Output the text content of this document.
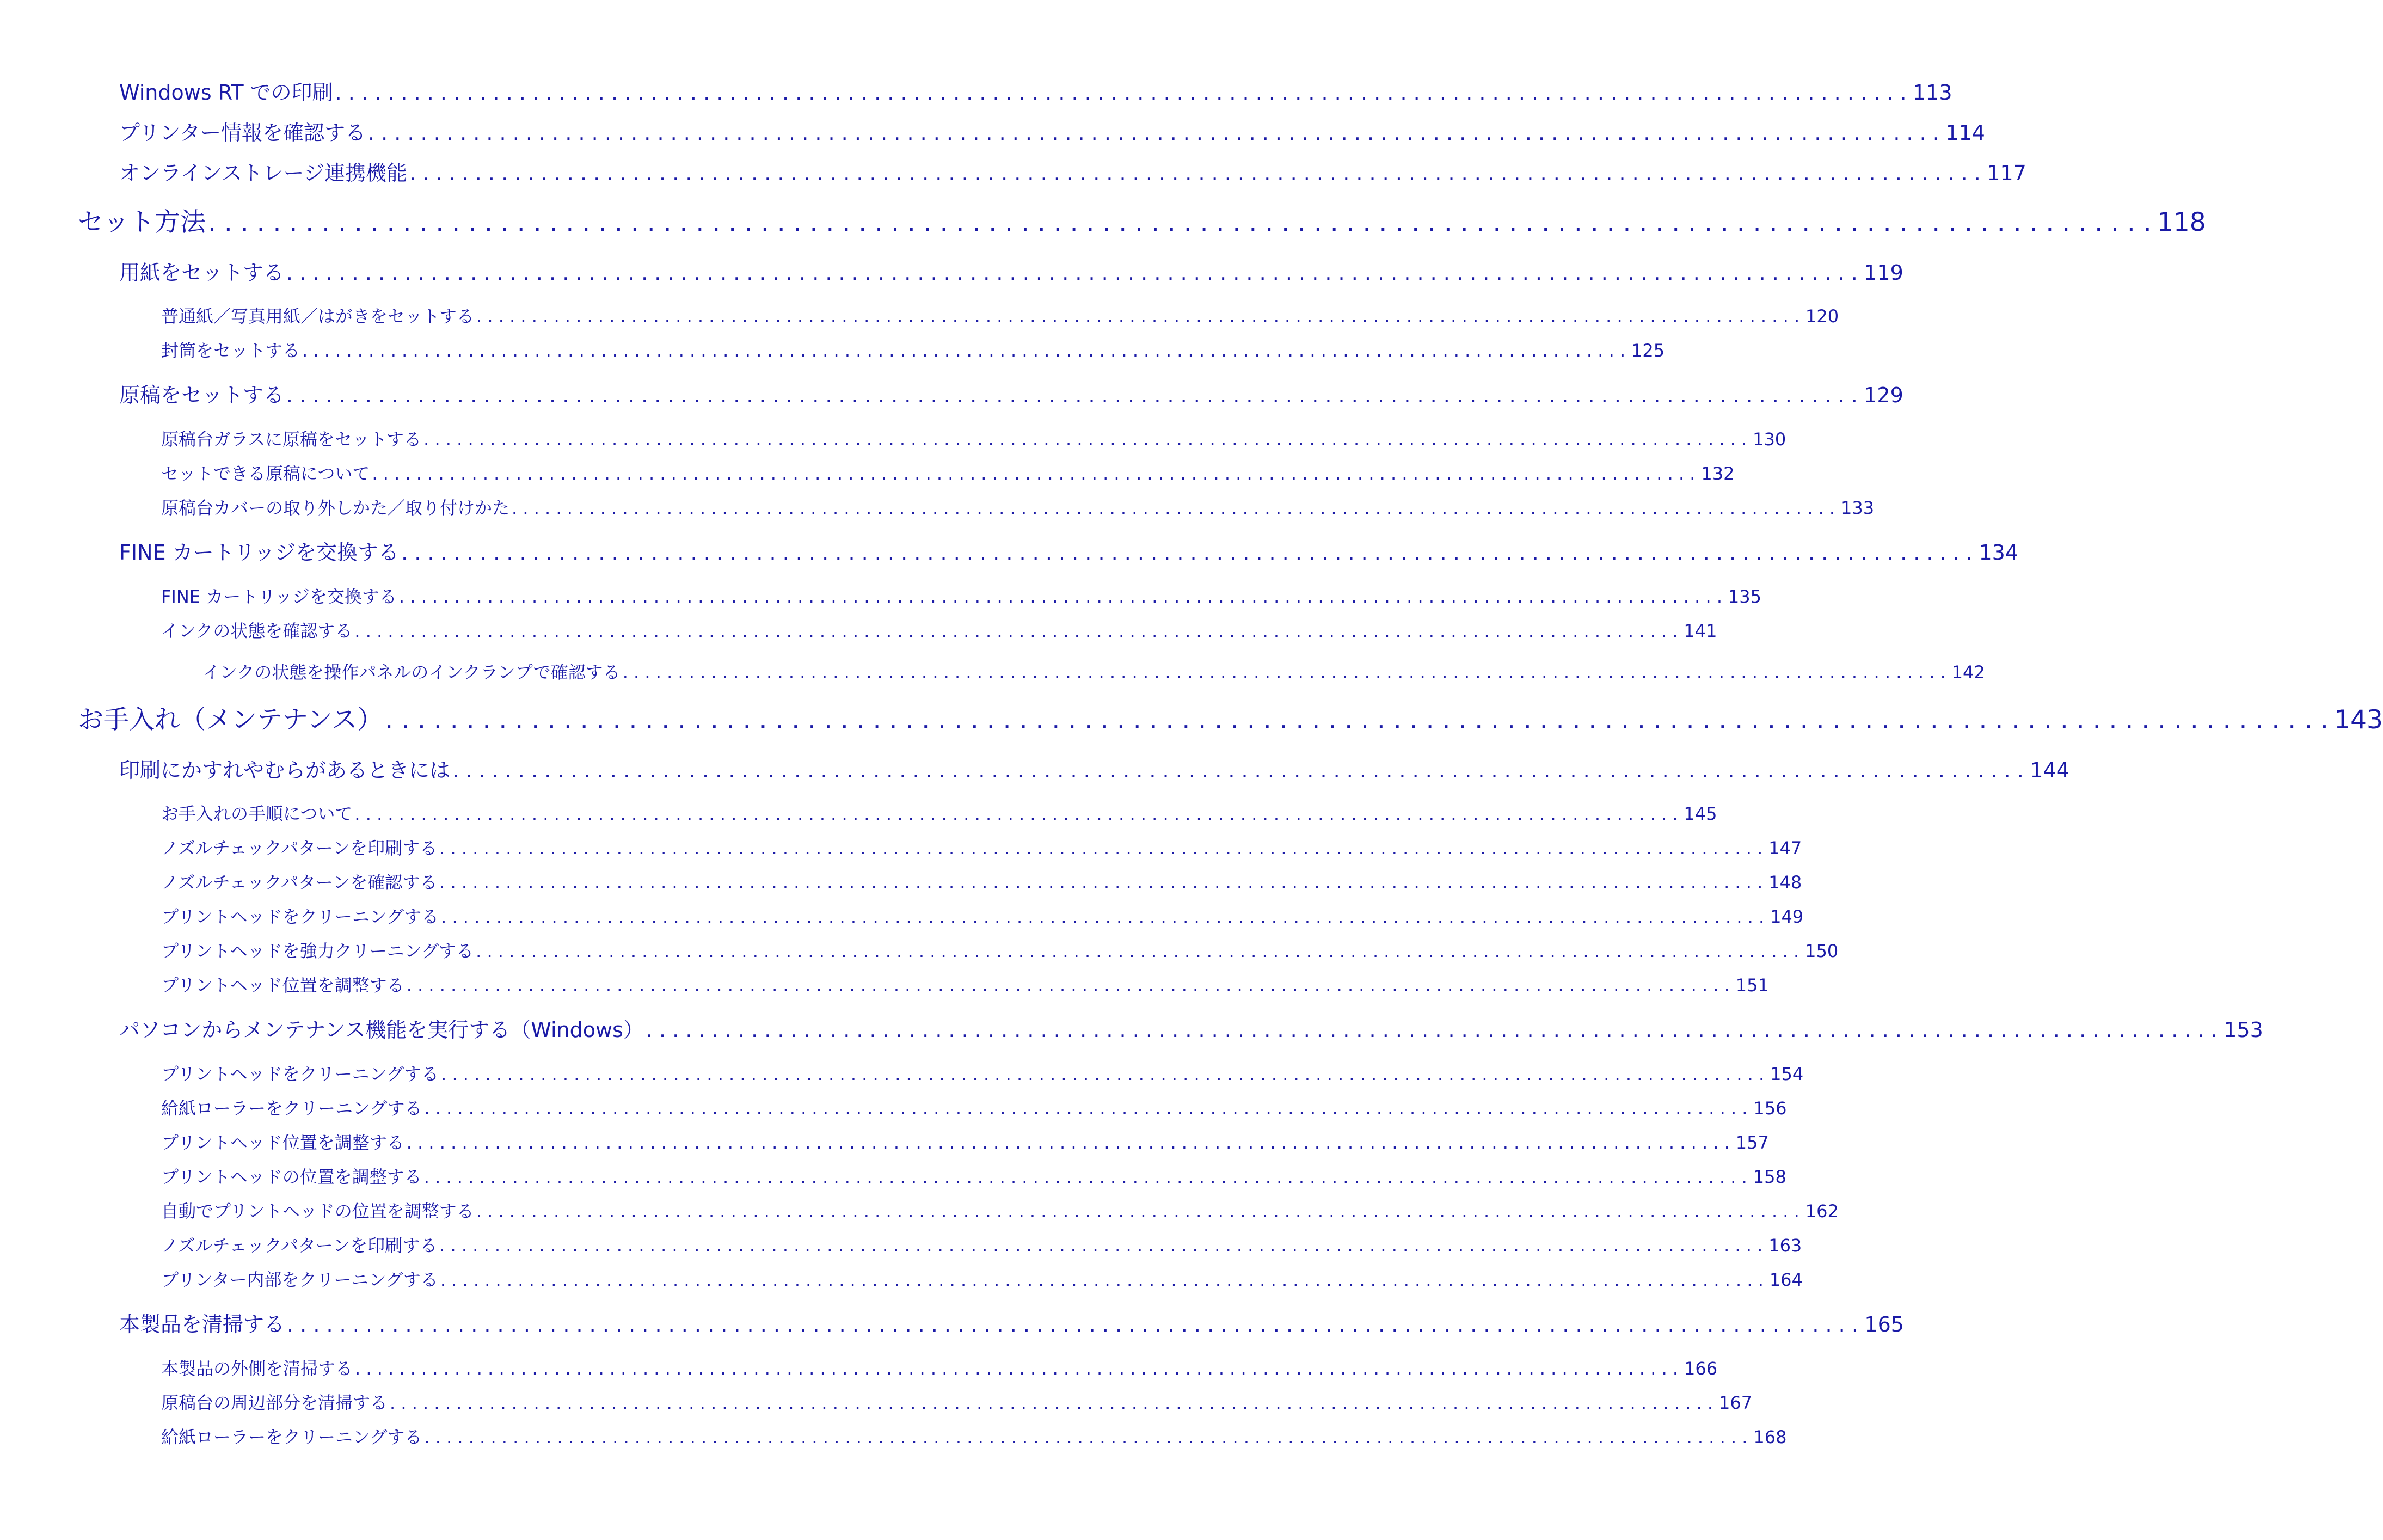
Windows RT での印刷 . . . . . . . . . . . . . . . . . . . . . . . . . . . . . . . . . . . . . . . . . . . . . . . . . . . . . . . . . . . . . . . . . . . . . . . . . . . . . . . . . . . . . . . . . . . . . . . . . . . . . . . . . . . . . . . . . . . . . . . . 113
プリンター情報を確認する . . . . . . . . . . . . . . . . . . . . . . . . . . . . . . . . . . . . . . . . . . . . . . . . . . . . . . . . . . . . . . . . . . . . . . . . . . . . . . . . . . . . . . . . . . . . . . . . . . . . . . . . . . . . . . . . . . . . . . . . 114
オンラインストレージ連携機能 . . . . . . . . . . . . . . . . . . . . . . . . . . . . . . . . . . . . . . . . . . . . . . . . . . . . . . . . . . . . . . . . . . . . . . . . . . . . . . . . . . . . . . . . . . . . . . . . . . . . . . . . . . . . . . . . . . . . . . . . 117
セット方法 . . . . . . . . . . . . . . . . . . . . . . . . . . . . . . . . . . . . . . . . . . . . . . . . . . . . . . . . . . . . . . . . . . . . . . . . . . . . . . . . . . . . . . . . . . . . . . . . . . . . . . . . . . . . . . . . . . . . . . . . 118
用紙をセットする . . . . . . . . . . . . . . . . . . . . . . . . . . . . . . . . . . . . . . . . . . . . . . . . . . . . . . . . . . . . . . . . . . . . . . . . . . . . . . . . . . . . . . . . . . . . . . . . . . . . . . . . . . . . . . . . . . . . . . . . 119
普通紙／写真用紙／はがきをセットする . . . . . . . . . . . . . . . . . . . . . . . . . . . . . . . . . . . . . . . . . . . . . . . . . . . . . . . . . . . . . . . . . . . . . . . . . . . . . . . . . . . . . . . . . . . . . . . . . . . . . . . . . . . . . . . . . . . . . . . . 120
封筒をセットする . . . . . . . . . . . . . . . . . . . . . . . . . . . . . . . . . . . . . . . . . . . . . . . . . . . . . . . . . . . . . . . . . . . . . . . . . . . . . . . . . . . . . . . . . . . . . . . . . . . . . . . . . . . . . . . . . . . . . . . . 125
原稿をセットする . . . . . . . . . . . . . . . . . . . . . . . . . . . . . . . . . . . . . . . . . . . . . . . . . . . . . . . . . . . . . . . . . . . . . . . . . . . . . . . . . . . . . . . . . . . . . . . . . . . . . . . . . . . . . . . . . . . . . . . . 129
原稿台ガラスに原稿をセットする . . . . . . . . . . . . . . . . . . . . . . . . . . . . . . . . . . . . . . . . . . . . . . . . . . . . . . . . . . . . . . . . . . . . . . . . . . . . . . . . . . . . . . . . . . . . . . . . . . . . . . . . . . . . . . . . . . . . . . . . 130
セットできる原稿について . . . . . . . . . . . . . . . . . . . . . . . . . . . . . . . . . . . . . . . . . . . . . . . . . . . . . . . . . . . . . . . . . . . . . . . . . . . . . . . . . . . . . . . . . . . . . . . . . . . . . . . . . . . . . . . . . . . . . . . . 132
原稿台カバーの取り外しかた／取り付けかた . . . . . . . . . . . . . . . . . . . . . . . . . . . . . . . . . . . . . . . . . . . . . . . . . . . . . . . . . . . . . . . . . . . . . . . . . . . . . . . . . . . . . . . . . . . . . . . . . . . . . . . . . . . . . . . . . . . . . . . . 133
FINE カートリッジを交換する . . . . . . . . . . . . . . . . . . . . . . . . . . . . . . . . . . . . . . . . . . . . . . . . . . . . . . . . . . . . . . . . . . . . . . . . . . . . . . . . . . . . . . . . . . . . . . . . . . . . . . . . . . . . . . . . . . . . . . . . 134
FINE カートリッジを交換する . . . . . . . . . . . . . . . . . . . . . . . . . . . . . . . . . . . . . . . . . . . . . . . . . . . . . . . . . . . . . . . . . . . . . . . . . . . . . . . . . . . . . . . . . . . . . . . . . . . . . . . . . . . . . . . . . . . . . . . . 135
インクの状態を確認する . . . . . . . . . . . . . . . . . . . . . . . . . . . . . . . . . . . . . . . . . . . . . . . . . . . . . . . . . . . . . . . . . . . . . . . . . . . . . . . . . . . . . . . . . . . . . . . . . . . . . . . . . . . . . . . . . . . . . . . . 141
インクの状態を操作パネルのインクランプで確認する . . . . . . . . . . . . . . . . . . . . . . . . . . . . . . . . . . . . . . . . . . . . . . . . . . . . . . . . . . . . . . . . . . . . . . . . . . . . . . . . . . . . . . . . . . . . . . . . . . . . . . . . . . . . . . . . . . . . . . . . 142
お手入れ（メンテナンス） . . . . . . . . . . . . . . . . . . . . . . . . . . . . . . . . . . . . . . . . . . . . . . . . . . . . . . . . . . . . . . . . . . . . . . . . . . . . . . . . . . . . . . . . . . . . . . . . . . . . . . . . . . . . . . . . . . . . . . . . 143
印刷にかすれやむらがあるときには . . . . . . . . . . . . . . . . . . . . . . . . . . . . . . . . . . . . . . . . . . . . . . . . . . . . . . . . . . . . . . . . . . . . . . . . . . . . . . . . . . . . . . . . . . . . . . . . . . . . . . . . . . . . . . . . . . . . . . . . 144
お手入れの手順について . . . . . . . . . . . . . . . . . . . . . . . . . . . . . . . . . . . . . . . . . . . . . . . . . . . . . . . . . . . . . . . . . . . . . . . . . . . . . . . . . . . . . . . . . . . . . . . . . . . . . . . . . . . . . . . . . . . . . . . . 145
ノズルチェックパターンを印刷する . . . . . . . . . . . . . . . . . . . . . . . . . . . . . . . . . . . . . . . . . . . . . . . . . . . . . . . . . . . . . . . . . . . . . . . . . . . . . . . . . . . . . . . . . . . . . . . . . . . . . . . . . . . . . . . . . . . . . . . . 147
ノズルチェックパターンを確認する . . . . . . . . . . . . . . . . . . . . . . . . . . . . . . . . . . . . . . . . . . . . . . . . . . . . . . . . . . . . . . . . . . . . . . . . . . . . . . . . . . . . . . . . . . . . . . . . . . . . . . . . . . . . . . . . . . . . . . . . 148
プリントヘッドをクリーニングする . . . . . . . . . . . . . . . . . . . . . . . . . . . . . . . . . . . . . . . . . . . . . . . . . . . . . . . . . . . . . . . . . . . . . . . . . . . . . . . . . . . . . . . . . . . . . . . . . . . . . . . . . . . . . . . . . . . . . . . . 149
プリントヘッドを強力クリーニングする . . . . . . . . . . . . . . . . . . . . . . . . . . . . . . . . . . . . . . . . . . . . . . . . . . . . . . . . . . . . . . . . . . . . . . . . . . . . . . . . . . . . . . . . . . . . . . . . . . . . . . . . . . . . . . . . . . . . . . . . 150
プリントヘッド位置を調整する . . . . . . . . . . . . . . . . . . . . . . . . . . . . . . . . . . . . . . . . . . . . . . . . . . . . . . . . . . . . . . . . . . . . . . . . . . . . . . . . . . . . . . . . . . . . . . . . . . . . . . . . . . . . . . . . . . . . . . . . 151
パソコンからメンテナンス機能を実行する（Windows） . . . . . . . . . . . . . . . . . . . . . . . . . . . . . . . . . . . . . . . . . . . . . . . . . . . . . . . . . . . . . . . . . . . . . . . . . . . . . . . . . . . . . . . . . . . . . . . . . . . . . . . . . . . . . . . . . . . . . . . . 153
プリントヘッドをクリーニングする . . . . . . . . . . . . . . . . . . . . . . . . . . . . . . . . . . . . . . . . . . . . . . . . . . . . . . . . . . . . . . . . . . . . . . . . . . . . . . . . . . . . . . . . . . . . . . . . . . . . . . . . . . . . . . . . . . . . . . . . 154
給紙ローラーをクリーニングする . . . . . . . . . . . . . . . . . . . . . . . . . . . . . . . . . . . . . . . . . . . . . . . . . . . . . . . . . . . . . . . . . . . . . . . . . . . . . . . . . . . . . . . . . . . . . . . . . . . . . . . . . . . . . . . . . . . . . . . . 156
プリントヘッド位置を調整する . . . . . . . . . . . . . . . . . . . . . . . . . . . . . . . . . . . . . . . . . . . . . . . . . . . . . . . . . . . . . . . . . . . . . . . . . . . . . . . . . . . . . . . . . . . . . . . . . . . . . . . . . . . . . . . . . . . . . . . . 157
プリントヘッドの位置を調整する . . . . . . . . . . . . . . . . . . . . . . . . . . . . . . . . . . . . . . . . . . . . . . . . . . . . . . . . . . . . . . . . . . . . . . . . . . . . . . . . . . . . . . . . . . . . . . . . . . . . . . . . . . . . . . . . . . . . . . . . 158
自動でプリントヘッドの位置を調整する . . . . . . . . . . . . . . . . . . . . . . . . . . . . . . . . . . . . . . . . . . . . . . . . . . . . . . . . . . . . . . . . . . . . . . . . . . . . . . . . . . . . . . . . . . . . . . . . . . . . . . . . . . . . . . . . . . . . . . . . 162
ノズルチェックパターンを印刷する . . . . . . . . . . . . . . . . . . . . . . . . . . . . . . . . . . . . . . . . . . . . . . . . . . . . . . . . . . . . . . . . . . . . . . . . . . . . . . . . . . . . . . . . . . . . . . . . . . . . . . . . . . . . . . . . . . . . . . . . 163
プリンター内部をクリーニングする . . . . . . . . . . . . . . . . . . . . . . . . . . . . . . . . . . . . . . . . . . . . . . . . . . . . . . . . . . . . . . . . . . . . . . . . . . . . . . . . . . . . . . . . . . . . . . . . . . . . . . . . . . . . . . . . . . . . . . . . 164
本製品を清掃する . . . . . . . . . . . . . . . . . . . . . . . . . . . . . . . . . . . . . . . . . . . . . . . . . . . . . . . . . . . . . . . . . . . . . . . . . . . . . . . . . . . . . . . . . . . . . . . . . . . . . . . . . . . . . . . . . . . . . . . . 165
本製品の外側を清掃する . . . . . . . . . . . . . . . . . . . . . . . . . . . . . . . . . . . . . . . . . . . . . . . . . . . . . . . . . . . . . . . . . . . . . . . . . . . . . . . . . . . . . . . . . . . . . . . . . . . . . . . . . . . . . . . . . . . . . . . . 166
原稿台の周辺部分を清掃する . . . . . . . . . . . . . . . . . . . . . . . . . . . . . . . . . . . . . . . . . . . . . . . . . . . . . . . . . . . . . . . . . . . . . . . . . . . . . . . . . . . . . . . . . . . . . . . . . . . . . . . . . . . . . . . . . . . . . . . . 167
給紙ローラーをクリーニングする . . . . . . . . . . . . . . . . . . . . . . . . . . . . . . . . . . . . . . . . . . . . . . . . . . . . . . . . . . . . . . . . . . . . . . . . . . . . . . . . . . . . . . . . . . . . . . . . . . . . . . . . . . . . . . . . . . . . . . . . 168
